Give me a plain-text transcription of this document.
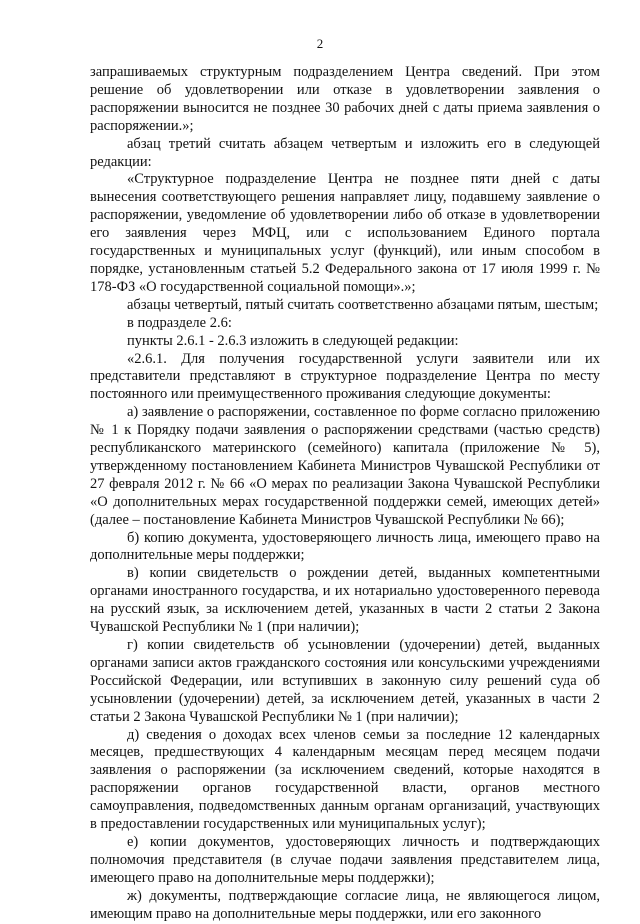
2

запрашиваемых структурным подразделением Центра сведений. При этом решение об удовлетворении или отказе в удовлетворении заявления о распоряжении выносится не позднее 30 рабочих дней с даты приема заявления о распоряжении.»;

абзац третий считать абзацем четвертым и изложить его в следующей редакции:

«Структурное подразделение Центра не позднее пяти дней с даты вынесения соответствующего решения направляет лицу, подавшему заявление о распоряжении, уведомление об удовлетворении либо об отказе в удовлетворении его заявления через МФЦ, или с использованием Единого портала государственных и муниципальных услуг (функций), или иным способом в порядке, установленным статьей 5.2 Федерального закона от 17 июля 1999 г. № 178-ФЗ «О государственной социальной помощи».»;

абзацы четвертый, пятый считать соответственно абзацами пятым, шестым;

в подразделе 2.6:

пункты 2.6.1 - 2.6.3 изложить в следующей редакции:

«2.6.1. Для получения государственной услуги заявители или их представители представляют в структурное подразделение Центра по месту постоянного или преимущественного проживания следующие документы:

а) заявление о распоряжении, составленное по форме согласно приложению № 1 к Порядку подачи заявления о распоряжении средствами (частью средств) республиканского материнского (семейного) капитала (приложение № 5), утвержденному постановлением Кабинета Министров Чувашской Республики от 27 февраля 2012 г. № 66 «О мерах по реализации Закона Чувашской Республики «О дополнительных мерах государственной поддержки семей, имеющих детей» (далее – постановление Кабинета Министров Чувашской Республики № 66);

б) копию документа, удостоверяющего личность лица, имеющего право на дополнительные меры поддержки;

в) копии свидетельств о рождении детей, выданных компетентными органами иностранного государства, и их нотариально удостоверенного перевода на русский язык, за исключением детей, указанных в части 2 статьи 2 Закона Чувашской Республики № 1 (при наличии);

г) копии свидетельств об усыновлении (удочерении) детей, выданных органами записи актов гражданского состояния или консульскими учреждениями Российской Федерации, или вступивших в законную силу решений суда об усыновлении (удочерении) детей, за исключением детей, указанных в части 2 статьи 2 Закона Чувашской Республики № 1 (при наличии);

д) сведения о доходах всех членов семьи за последние 12 календарных месяцев, предшествующих 4 календарным месяцам перед месяцем подачи заявления о распоряжении (за исключением сведений, которые находятся в распоряжении органов государственной власти, органов местного самоуправления, подведомственных данным органам организаций, участвующих в предоставлении государственных или муниципальных услуг);

е) копии документов, удостоверяющих личность и подтверждающих полномочия представителя (в случае подачи заявления представителем лица, имеющего право на дополнительные меры поддержки);

ж) документы, подтверждающие согласие лица, не являющегося лицом, имеющим право на дополнительные меры поддержки, или его законного
